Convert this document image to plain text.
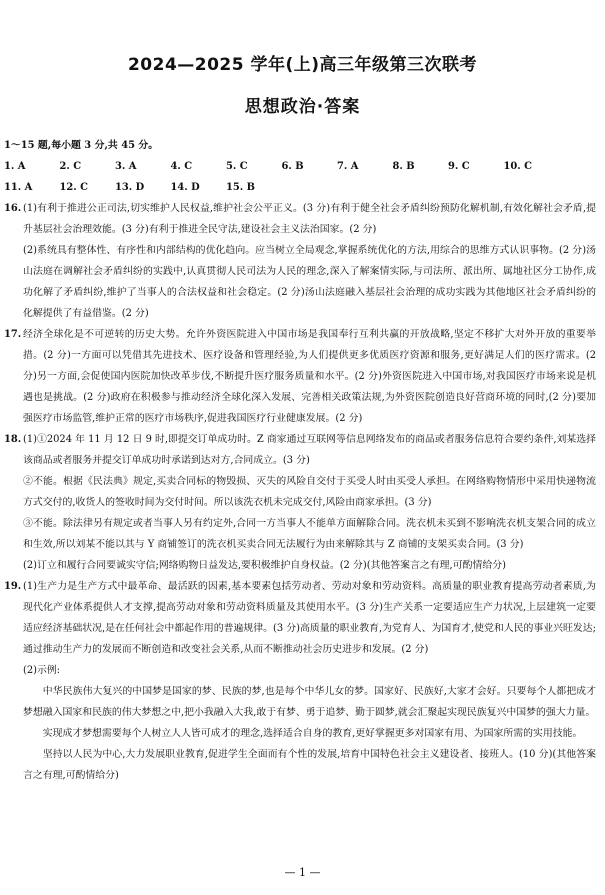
2024—2025 学年(上)高三年级第三次联考
思想政治·答案

1～15 题,每小题 3 分,共 45 分。

1. A	2. C	3. A	4. C	5. C	6. B	7. A	8. B	9. C	10. C
11. A	12. C	13. D	14. D	15. B
16. (1)有利于推进公正司法,切实维护人民权益,维护社会公平正义。(3 分)有利于健全社会矛盾纠纷预防化解机制,有效化解社会矛盾,提升基层社会治理效能。(3 分)有利于推进全民守法,建设社会主义法治国家。(2 分)

(2)系统具有整体性、有序性和内部结构的优化趋向。应当树立全局观念,掌握系统优化的方法,用综合的思维方式认识事物。(2 分)汤山法庭在调解社会矛盾纠纷的实践中,认真贯彻人民司法为人民的理念,深入了解案情实际,与司法所、派出所、属地社区分工协作,成功化解了矛盾纠纷,维护了当事人的合法权益和社会稳定。(2 分)汤山法庭融入基层社会治理的成功实践为其他地区社会矛盾纠纷的化解提供了有益借鉴。(2 分)

17. 经济全球化是不可逆转的历史大势。允许外资医院进入中国市场是我国奉行互利共赢的开放战略,坚定不移扩大对外开放的重要举措。(2 分)一方面可以凭借其先进技术、医疗设备和管理经验,为人们提供更多优质医疗资源和服务,更好满足人们的医疗需求。(2 分)另一方面,会促使国内医院加快改革步伐,不断提升医疗服务质量和水平。(2 分)外资医院进入中国市场,对我国医疗市场来说是机遇也是挑战。(2 分)政府在积极参与推动经济全球化深入发展、完善相关政策法规,为外资医院创造良好营商环境的同时,(2 分)要加强医疗市场监管,维护正常的医疗市场秩序,促进我国医疗行业健康发展。(2 分)

18. (1)①2024 年 11 月 12 日 9 时,即提交订单成功时。Z 商家通过互联网等信息网络发布的商品或者服务信息符合要约条件,刘某选择该商品或者服务并提交订单成功时承诺到达对方,合同成立。(3 分)

②不能。根据《民法典》规定,买卖合同标的物毁损、灭失的风险自交付于买受人时由买受人承担。在网络购物情形中采用快递物流方式交付的,收货人的签收时间为交付时间。所以该洗衣机未完成交付,风险由商家承担。(3 分)

③不能。除法律另有规定或者当事人另有约定外,合同一方当事人不能单方面解除合同。洗衣机未买到不影响洗衣机支架合同的成立和生效,所以刘某不能以其与 Y 商铺签订的洗衣机买卖合同无法履行为由来解除其与 Z 商铺的支架买卖合同。(3 分)

(2)订立和履行合同要诚实守信;网络购物日益发达,要积极维护自身权益。(2 分)(其他答案言之有理,可酌情给分)

19. (1)生产力是生产方式中最革命、最活跃的因素,基本要素包括劳动者、劳动对象和劳动资料。高质量的职业教育提高劳动者素质,为现代化产业体系提供人才支撑,提高劳动对象和劳动资料质量及其使用水平。(3 分)生产关系一定要适应生产力状况,上层建筑一定要适应经济基础状况,是在任何社会中都起作用的普遍规律。(3 分)高质量的职业教育,为党育人、为国育才,使党和人民的事业兴旺发达;通过推动生产力的发展而不断创造和改变社会关系,从而不断推动社会历史进步和发展。(2 分)

(2)示例:

中华民族伟大复兴的中国梦是国家的梦、民族的梦,也是每个中华儿女的梦。国家好、民族好,大家才会好。只要每个人都把成才梦想融入国家和民族的伟大梦想之中,把小我融入大我,敢于有梦、勇于追梦、勤于圆梦,就会汇聚起实现民族复兴中国梦的强大力量。

实现成才梦想需要每个人树立人人皆可成才的理念,选择适合自身的教育,更好掌握更多对国家有用、为国家所需的实用技能。

坚持以人民为中心,大力发展职业教育,促进学生全面而有个性的发展,培育中国特色社会主义建设者、接班人。(10 分)(其他答案言之有理,可酌情给分)

— 1 —
